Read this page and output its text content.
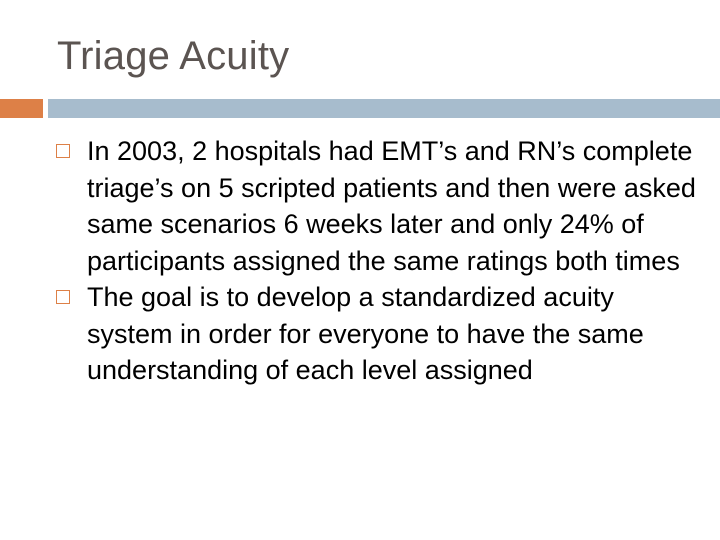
Triage Acuity
In 2003, 2 hospitals had EMT’s and RN’s complete triage’s on 5 scripted patients and then were asked same scenarios 6 weeks later and only 24% of participants assigned the same ratings both times
The goal is to develop a standardized acuity system in order for everyone to have the same understanding of each level assigned
